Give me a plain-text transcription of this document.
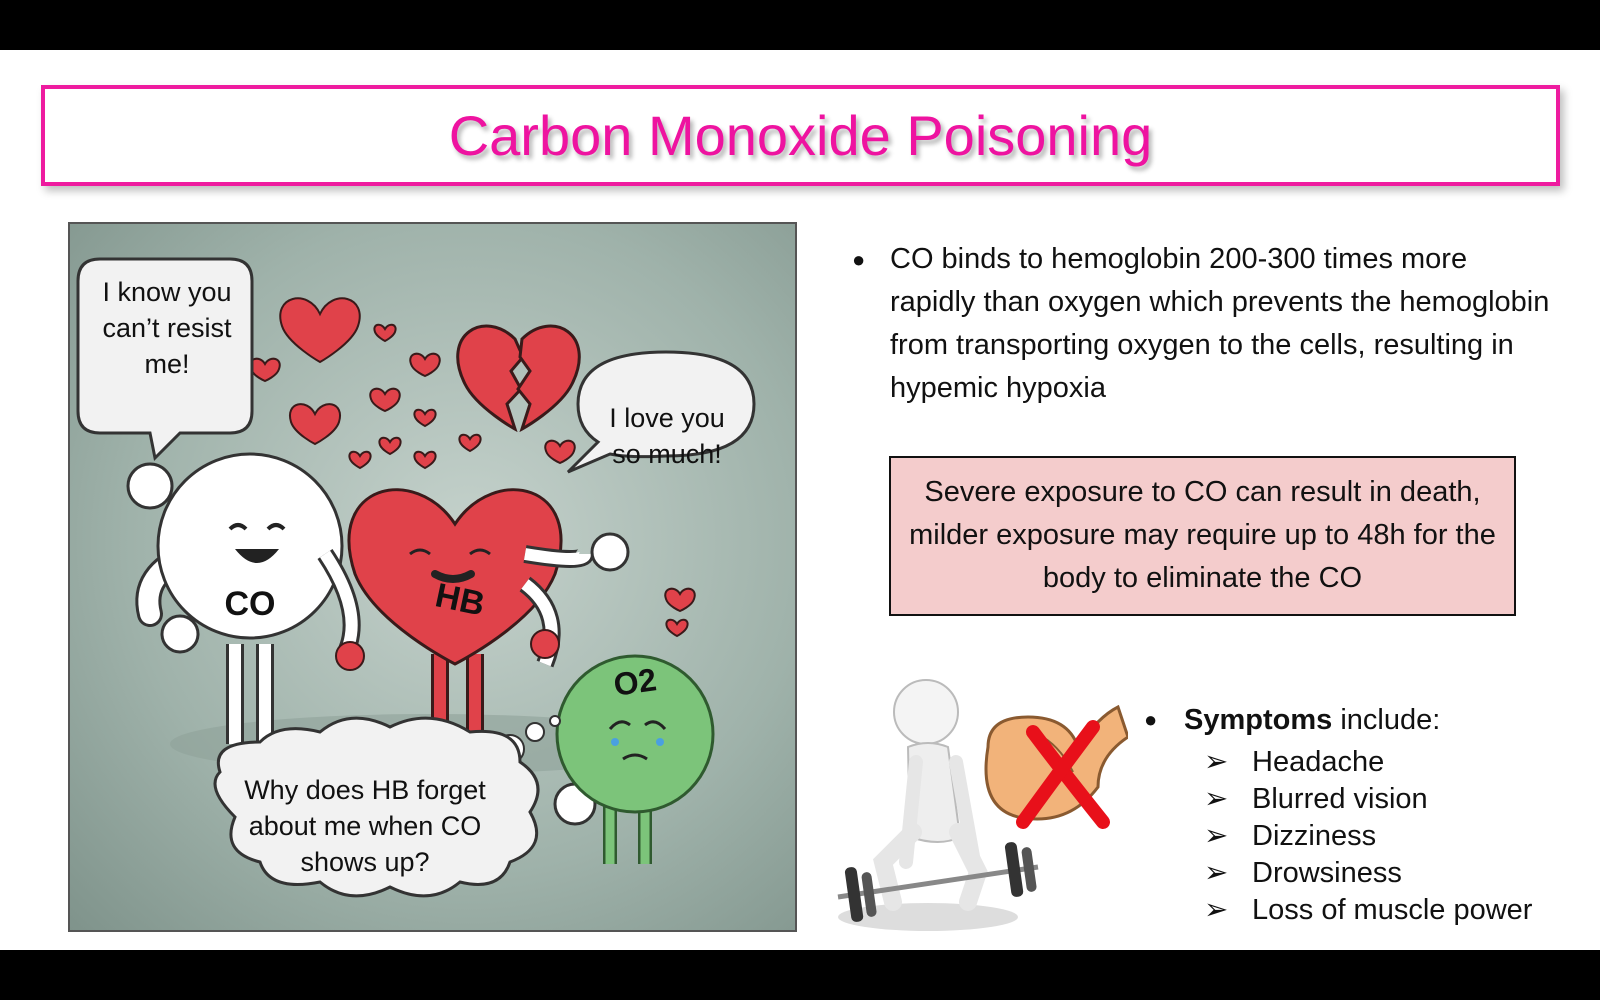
Carbon Monoxide Poisoning
I know you can’t resist me!
I love you so much!
Why does HB forget about me when CO shows up?
CO	HB
O2
● CO binds to hemoglobin 200-300 times more rapidly than oxygen which prevents the hemoglobin from transporting oxygen to the cells, resulting in hypemic hypoxia
Severe exposure to CO can result in death, milder exposure may require up to 48h for the body to eliminate the CO
● Symptoms include:
➢ Headache
➢ Blurred vision
➢ Dizziness
➢ Drowsiness
➢ Loss of muscle power
